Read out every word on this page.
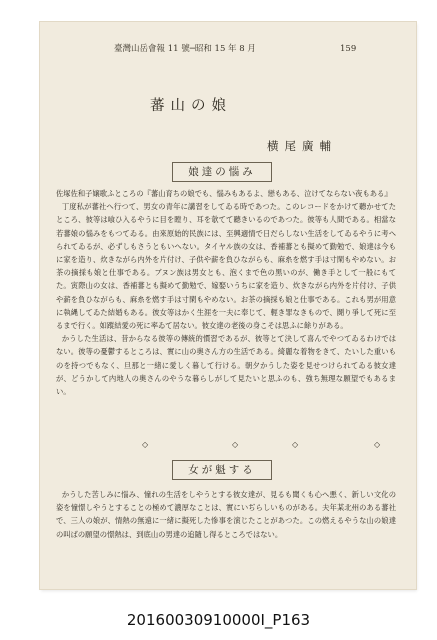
臺灣山岳會報 11 號─昭和 15 年 8 月	159
蕃山の娘
横尾廣輔
娘達の惱み

佐塚佐和子嬢歌ふところの『蕃山育ちの娘でも、惱みもあるよ、戀もある、泣けてならない夜もある』

丁度私が蕃社へ行つて、男女の青年に講習をしてゐる時であつた。このレコードをかけて聽かせてたところ、彼等は喰ひ入るやうに目を瞠り、耳を欹てて聽きいるのであつた。彼等も人間である。相當な若蕃娘の惱みをもつてゐる。由來原始的民族には、至興適情で日だらしない生活をしてゐるやうに考へられてゐるが、必ずしもさうともいへない。タイヤル族の女は、香補蕃とも擬めて勤勉で、娘達は今もに家を造り、炊きながら内外を片付け、子供や薪を負ひながらも、麻糸を燃す手は寸閑もやめない。お茶の摘採も娘と仕事である。ブヌン族は男女とも、泡くまで色の黑いのが、働き手として一般にもてた。寅際山の女は、香補蕃とも擬めて勤勉で、嫁娶いうちに家を造り、炊きながら内外を片付け、子供や薪を負ひながらも、麻糸を燃す手は寸閑もやめない。お茶の摘採も娘と仕事である。これも男が用意に執縄してゐた結婚もある。彼女等はかく生涯を一夫に奉じて、輕き罪なきもので、鬪り爭して死に至るまで行く。如蹤結愛の死に率ゐて居ない。彼女達の老後の身こそは思ふに餘りがある。

かうした生活は、昔からなる彼等の傳統的慣習であるが、彼等とて決して喜んでやつてゐるわけではない。彼等の憂鬱するところは、實に山の奧さん方の生活である。綺麗な着物をきて、たいした重いものを持つでもなく、旦那と一緒に愛しく暮して行ける。朝夕かうした姿を見せつけられてゐる彼女達が、どうかして内地人の奧さんのやうな暮らしがして見たいと思ふのも、強ち無理な願望でもあるまい。

◇	◇	◇	◇
女が魁する

かうした苦しみに惱み、憧れの生活をしやうとする彼女達が、見るも聞くも心へ悪く、新しい文化の姿を憧憬しやうとすることの極めて濃厚なことは、實にいぢらしいものがある。夫年某北州のある蕃社で、三人の娘が、情熱の無遠に一緒に擬死した慘事を演じたことがあつた。この燃えるやうな山の娘達の叫ばの願望の憬熱は、到底山の男達の追隨し得るところではない。

20160030910000I_P163
